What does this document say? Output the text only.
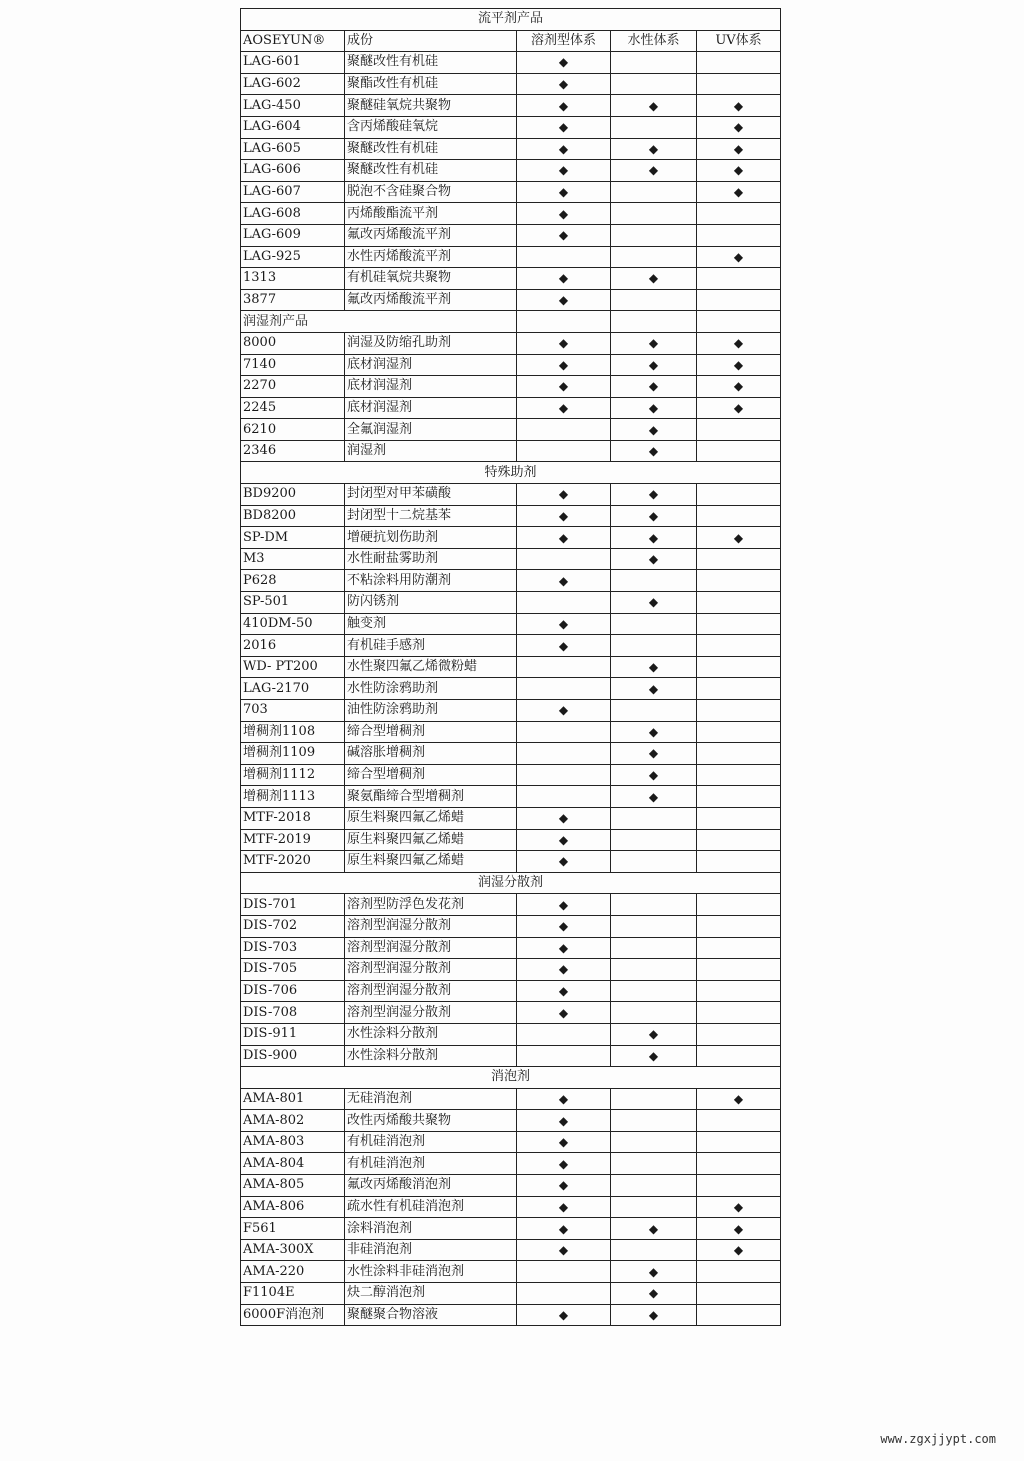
流平剂产品				
AOSEYUN®	成份	溶剂型体系	水性体系	UV体系
LAG-601	聚醚改性有机硅	◆		
LAG-602	聚酯改性有机硅	◆		
LAG-450	聚醚硅氧烷共聚物	◆	◆	◆
LAG-604	含丙烯酸硅氧烷	◆		◆
LAG-605	聚醚改性有机硅	◆	◆	◆
LAG-606	聚醚改性有机硅	◆	◆	◆
LAG-607	脱泡不含硅聚合物	◆		◆
LAG-608	丙烯酸酯流平剂	◆		
LAG-609	氟改丙烯酸流平剂	◆		
LAG-925	水性丙烯酸流平剂			◆
1313	有机硅氧烷共聚物	◆	◆	
3877	氟改丙烯酸流平剂	◆		
润湿剂产品				
8000	润湿及防缩孔助剂	◆	◆	◆
7140	底材润湿剂	◆	◆	◆
2270	底材润湿剂	◆	◆	◆
2245	底材润湿剂	◆	◆	◆
6210	全氟润湿剂		◆	
2346	润湿剂		◆	
特殊助剂				
BD9200	封闭型对甲苯磺酸	◆	◆	
BD8200	封闭型十二烷基苯	◆	◆	
SP-DM	增硬抗划伤助剂	◆	◆	◆
M3	水性耐盐雾助剂		◆	
P628	不粘涂料用防潮剂	◆		
SP-501	防闪锈剂		◆	
410DM-50	触变剂	◆		
2016	有机硅手感剂	◆		
WD- PT200	水性聚四氟乙烯微粉蜡		◆	
LAG-2170	水性防涂鸦助剂		◆	
703	油性防涂鸦助剂	◆		
增稠剂1108	缔合型增稠剂		◆	
增稠剂1109	碱溶胀增稠剂		◆	
增稠剂1112	缔合型增稠剂		◆	
增稠剂1113	聚氨酯缔合型增稠剂		◆	
MTF-2018	原生料聚四氟乙烯蜡	◆		
MTF-2019	原生料聚四氟乙烯蜡	◆		
MTF-2020	原生料聚四氟乙烯蜡	◆		
润湿分散剂				
DIS-701	溶剂型防浮色发花剂	◆		
DIS-702	溶剂型润湿分散剂	◆		
DIS-703	溶剂型润湿分散剂	◆		
DIS-705	溶剂型润湿分散剂	◆		
DIS-706	溶剂型润湿分散剂	◆		
DIS-708	溶剂型润湿分散剂	◆		
DIS-911	水性涂料分散剂		◆	
DIS-900	水性涂料分散剂		◆	
消泡剂				
AMA-801	无硅消泡剂	◆		◆
AMA-802	改性丙烯酸共聚物	◆		
AMA-803	有机硅消泡剂	◆		
AMA-804	有机硅消泡剂	◆		
AMA-805	氟改丙烯酸消泡剂	◆		
AMA-806	疏水性有机硅消泡剂	◆		◆
F561	涂料消泡剂	◆	◆	◆
AMA-300X	非硅消泡剂	◆		◆
AMA-220	水性涂料非硅消泡剂		◆	
F1104E	炔二醇消泡剂		◆	
6000F消泡剂	聚醚聚合物溶液	◆	◆	
www.zgxjjypt.com
